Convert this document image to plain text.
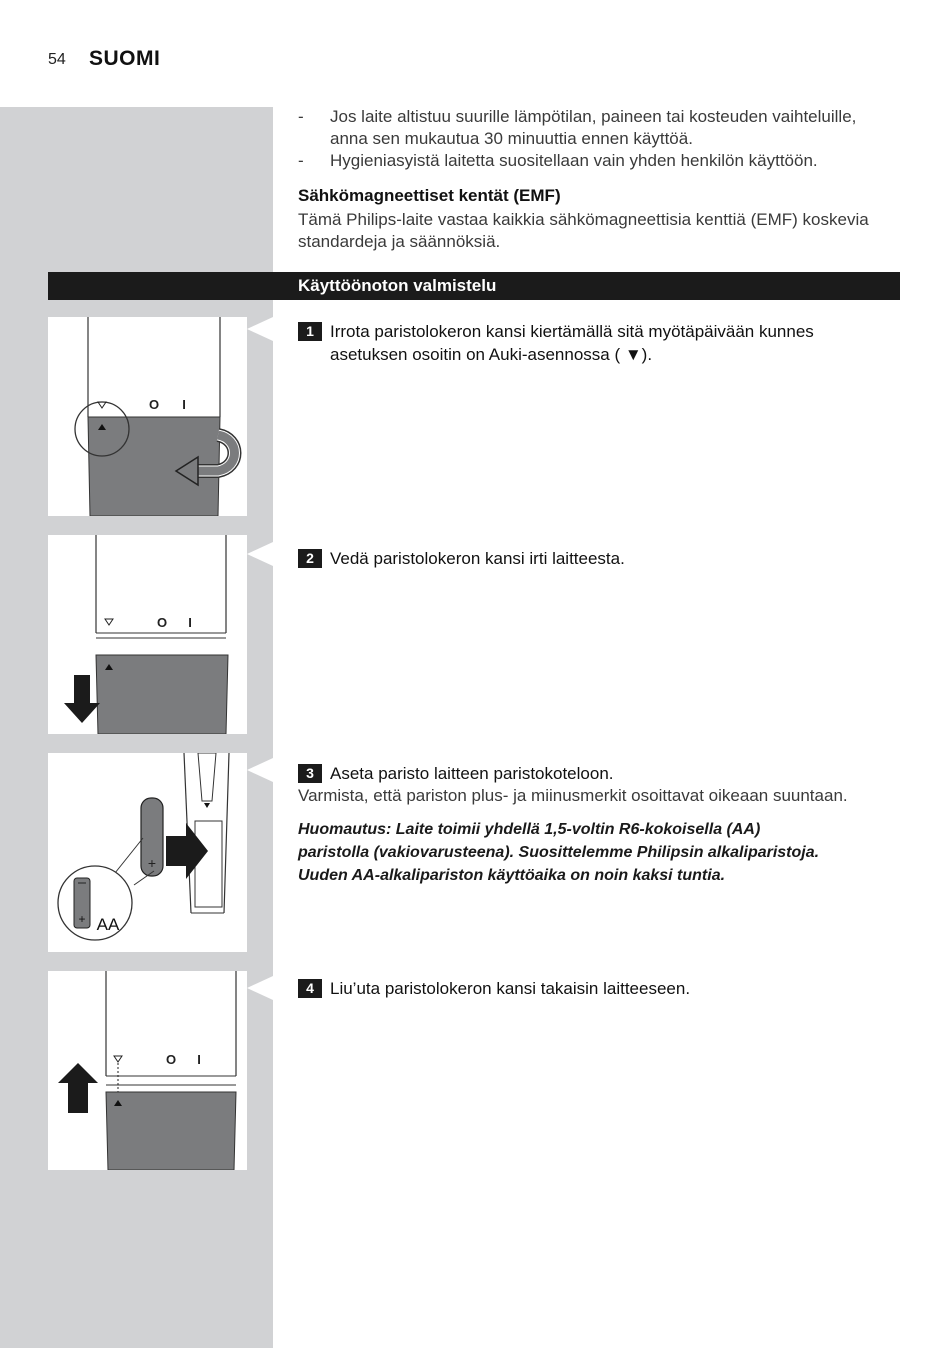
54 SUOMI
- Jos laite altistuu suurille lämpötilan, paineen tai kosteuden vaihteluille,
anna sen mukautua 30 minuuttia ennen käyttöä.
- Hygieniasyistä laitetta suositellaan vain yhden henkilön käyttöön.
Sähkömagneettiset kentät (EMF)
Tämä Philips-laite vastaa kaikkia sähkömagneettisia kenttiä (EMF) koskevia
standardeja ja säännöksiä.
Käyttöönoton valmistelu
O I
O I
+
+ AA
O I
1 Irrota paristolokeron kansi kiertämällä sitä myötäpäivään kunnes
asetuksen osoitin on Auki-asennossa ( ▼).
2 Vedä paristolokeron kansi irti laitteesta.
3 Aseta paristo laitteen paristokoteloon.
Varmista, että pariston plus- ja miinusmerkit osoittavat oikeaan suuntaan.
Huomautus: Laite toimii yhdellä 1,5-voltin R6-kokoisella (AA)
paristolla (vakiovarusteena). Suosittelemme Philipsin alkaliparistoja.
Uuden AA-alkalipariston käyttöaika on noin kaksi tuntia.
4 Liu’uta paristolokeron kansi takaisin laitteeseen.
